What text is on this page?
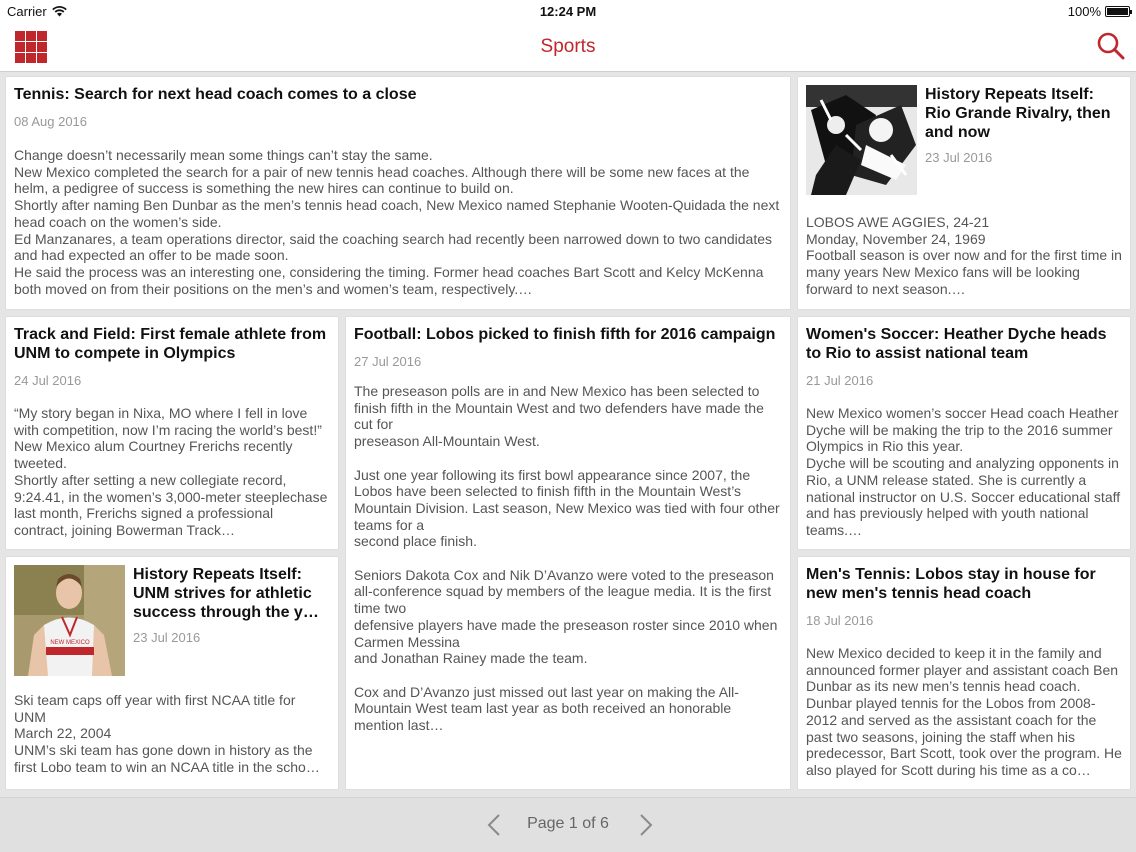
Carrier	12:24 PM	100%
Sports
Tennis: Search for next head coach comes to a close
08 Aug 2016
Change doesn’t necessarily mean some things can’t stay the same.
New Mexico completed the search for a pair of new tennis head coaches. Although there will be some new faces at the helm, a pedigree of success is something the new hires can continue to build on.
Shortly after naming Ben Dunbar as the men’s tennis head coach, New Mexico named Stephanie Wooten-Quidada the next head coach on the women’s side.
Ed Manzanares, a team operations director, said the coaching search had recently been narrowed down to two candidates and had expected an offer to be made soon.
He said the process was an interesting one, considering the timing. Former head coaches Bart Scott and Kelcy McKenna both moved on from their positions on the men’s and women’s team, respectively.…
History Repeats Itself: Rio Grande Rivalry, then and now
23 Jul 2016
LOBOS AWE AGGIES, 24-21
Monday, November 24, 1969
Football season is over now and for the first time in many years New Mexico fans will be looking forward to next season.…
Track and Field: First female athlete from UNM to compete in Olympics
24 Jul 2016
“My story began in Nixa, MO where I fell in love with competition, now I’m racing the world’s best!” New Mexico alum Courtney Frerichs recently tweeted.
Shortly after setting a new collegiate record, 9:24.41, in the women’s 3,000-meter steeplechase last month, Frerichs signed a professional contract, joining Bowerman Track…
Football: Lobos picked to finish fifth for 2016 campaign
27 Jul 2016
The preseason polls are in and New Mexico has been selected to finish fifth in the Mountain West and two defenders have made the cut for
preseason All-Mountain West.

Just one year following its first bowl appearance since 2007, the Lobos have been selected to finish fifth in the Mountain West’s
Mountain Division. Last season, New Mexico was tied with four other teams for a
second place finish.

Seniors Dakota Cox and Nik D’Avanzo were voted to the preseason
all-conference squad by members of the league media. It is the first time two
defensive players have made the preseason roster since 2010 when Carmen Messina
and Jonathan Rainey made the team.

Cox and D’Avanzo just missed out last year on making the All-Mountain West team last year as both received an honorable mention last…
Women's Soccer: Heather Dyche heads to Rio to assist national team
21 Jul 2016
New Mexico women’s soccer Head coach Heather Dyche will be making the trip to the 2016 summer Olympics in Rio this year.
Dyche will be scouting and analyzing opponents in Rio, a UNM release stated. She is currently a national instructor on U.S. Soccer educational staff and has previously helped with youth national teams.…
NEW MEXICO
History Repeats Itself: UNM strives for athletic success through the y…
23 Jul 2016
Ski team caps off year with first NCAA title for UNM
March 22, 2004
UNM’s ski team has gone down in history as the first Lobo team to win an NCAA title in the scho…
Men's Tennis: Lobos stay in house for new men's tennis head coach
18 Jul 2016
New Mexico decided to keep it in the family and announced former player and assistant coach Ben Dunbar as its new men’s tennis head coach. Dunbar played tennis for the Lobos from 2008-2012 and served as the assistant coach for the past two seasons, joining the staff when his predecessor, Bart Scott, took over the program. He also played for Scott during his time as a co…
Page 1 of 6
